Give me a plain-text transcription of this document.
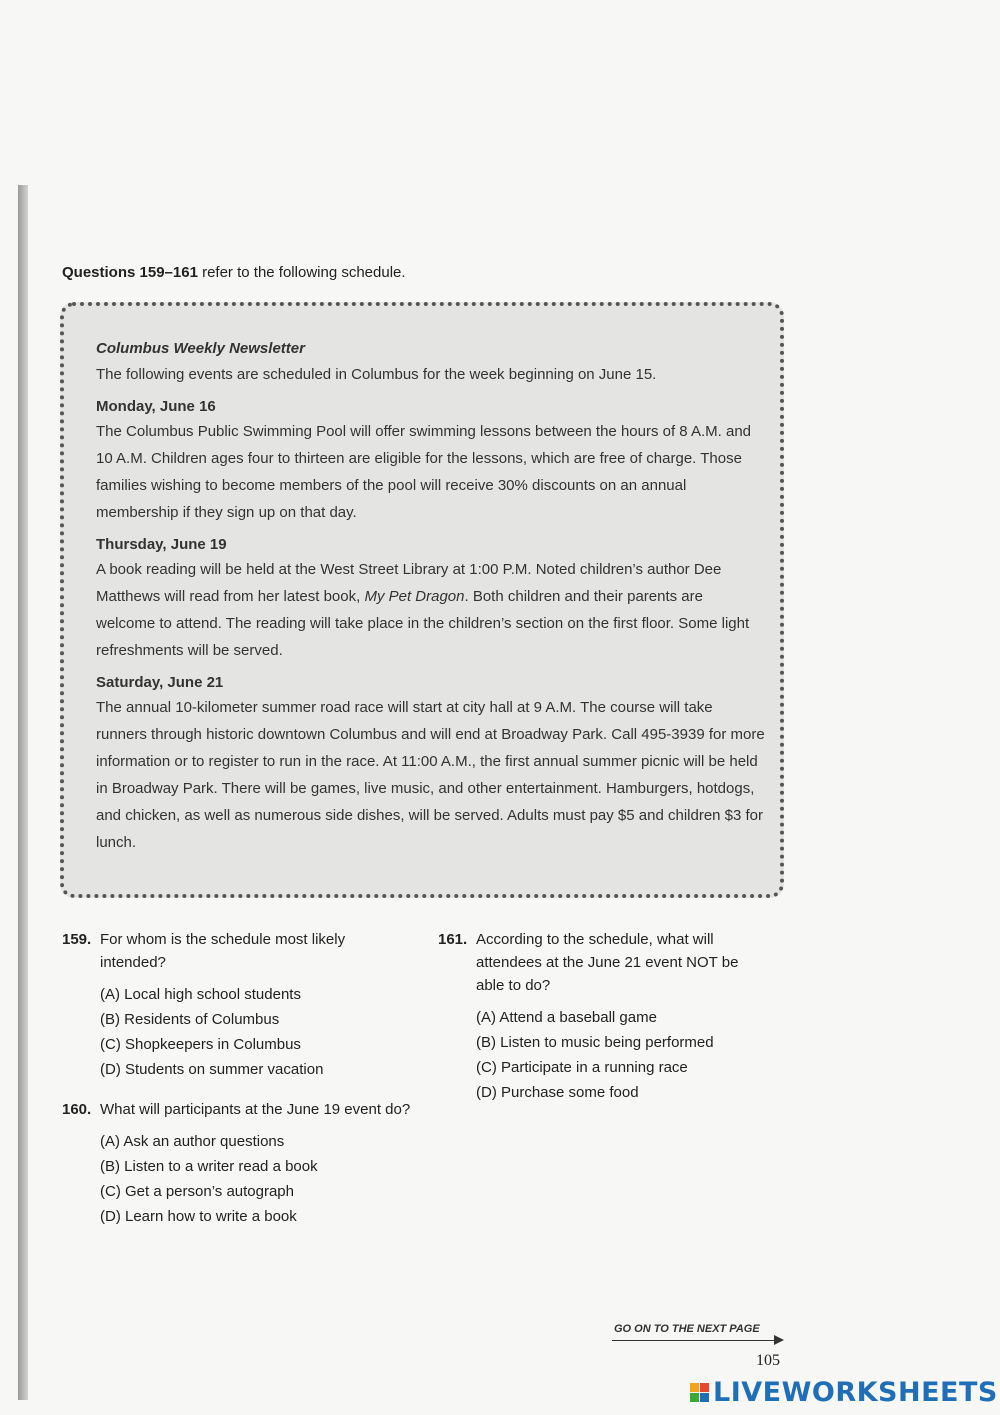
Questions 159–161 refer to the following schedule.

Columbus Weekly Newsletter

The following events are scheduled in Columbus for the week beginning on June 15.

Monday, June 16

The Columbus Public Swimming Pool will offer swimming lessons between the hours of 8 A.M. and 10 A.M. Children ages four to thirteen are eligible for the lessons, which are free of charge. Those families wishing to become members of the pool will receive 30% discounts on an annual membership if they sign up on that day.

Thursday, June 19

A book reading will be held at the West Street Library at 1:00 P.M. Noted children’s author Dee Matthews will read from her latest book, My Pet Dragon. Both children and their parents are welcome to attend. The reading will take place in the children’s section on the first floor. Some light refreshments will be served.

Saturday, June 21

The annual 10-kilometer summer road race will start at city hall at 9 A.M. The course will take runners through historic downtown Columbus and will end at Broadway Park. Call 495-3939 for more information or to register to run in the race. At 11:00 A.M., the first annual summer picnic will be held in Broadway Park. There will be games, live music, and other entertainment. Hamburgers, hotdogs, and chicken, as well as numerous side dishes, will be served. Adults must pay $5 and children $3 for lunch.

159. For whom is the schedule most likely intended?
(A) Local high school students
(B) Residents of Columbus
(C) Shopkeepers in Columbus
(D) Students on summer vacation
160. What will participants at the June 19 event do?
(A) Ask an author questions
(B) Listen to a writer read a book
(C) Get a person’s autograph
(D) Learn how to write a book
161. According to the schedule, what will attendees at the June 21 event NOT be able to do?
(A) Attend a baseball game
(B) Listen to music being performed
(C) Participate in a running race
(D) Purchase some food
GO ON TO THE NEXT PAGE
105
LIVEWORKSHEETS
